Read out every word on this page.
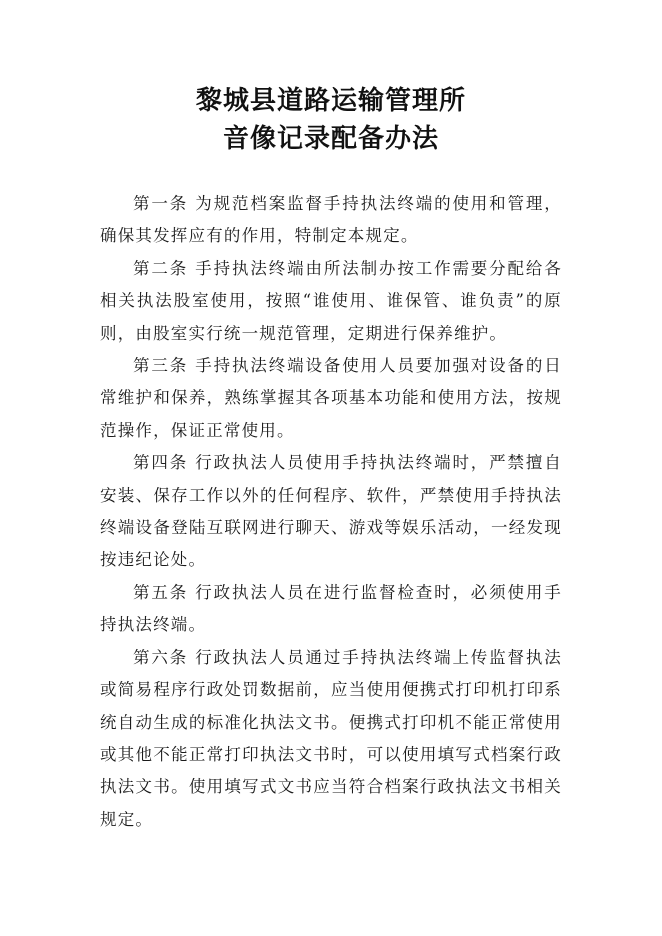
黎城县道路运输管理所
音像记录配备办法

第一条 为规范档案监督手持执法终端的使用和管理，确保其发挥应有的作用，特制定本规定。

第二条 手持执法终端由所法制办按工作需要分配给各相关执法股室使用，按照“谁使用、谁保管、谁负责”的原则，由股室实行统一规范管理，定期进行保养维护。

第三条 手持执法终端设备使用人员要加强对设备的日常维护和保养，熟练掌握其各项基本功能和使用方法，按规范操作，保证正常使用。

第四条 行政执法人员使用手持执法终端时，严禁擅自安装、保存工作以外的任何程序、软件，严禁使用手持执法终端设备登陆互联网进行聊天、游戏等娱乐活动，一经发现按违纪论处。

第五条 行政执法人员在进行监督检查时，必须使用手持执法终端。

第六条 行政执法人员通过手持执法终端上传监督执法或简易程序行政处罚数据前，应当使用便携式打印机打印系统自动生成的标准化执法文书。便携式打印机不能正常使用或其他不能正常打印执法文书时，可以使用填写式档案行政执法文书。使用填写式文书应当符合档案行政执法文书相关规定。
